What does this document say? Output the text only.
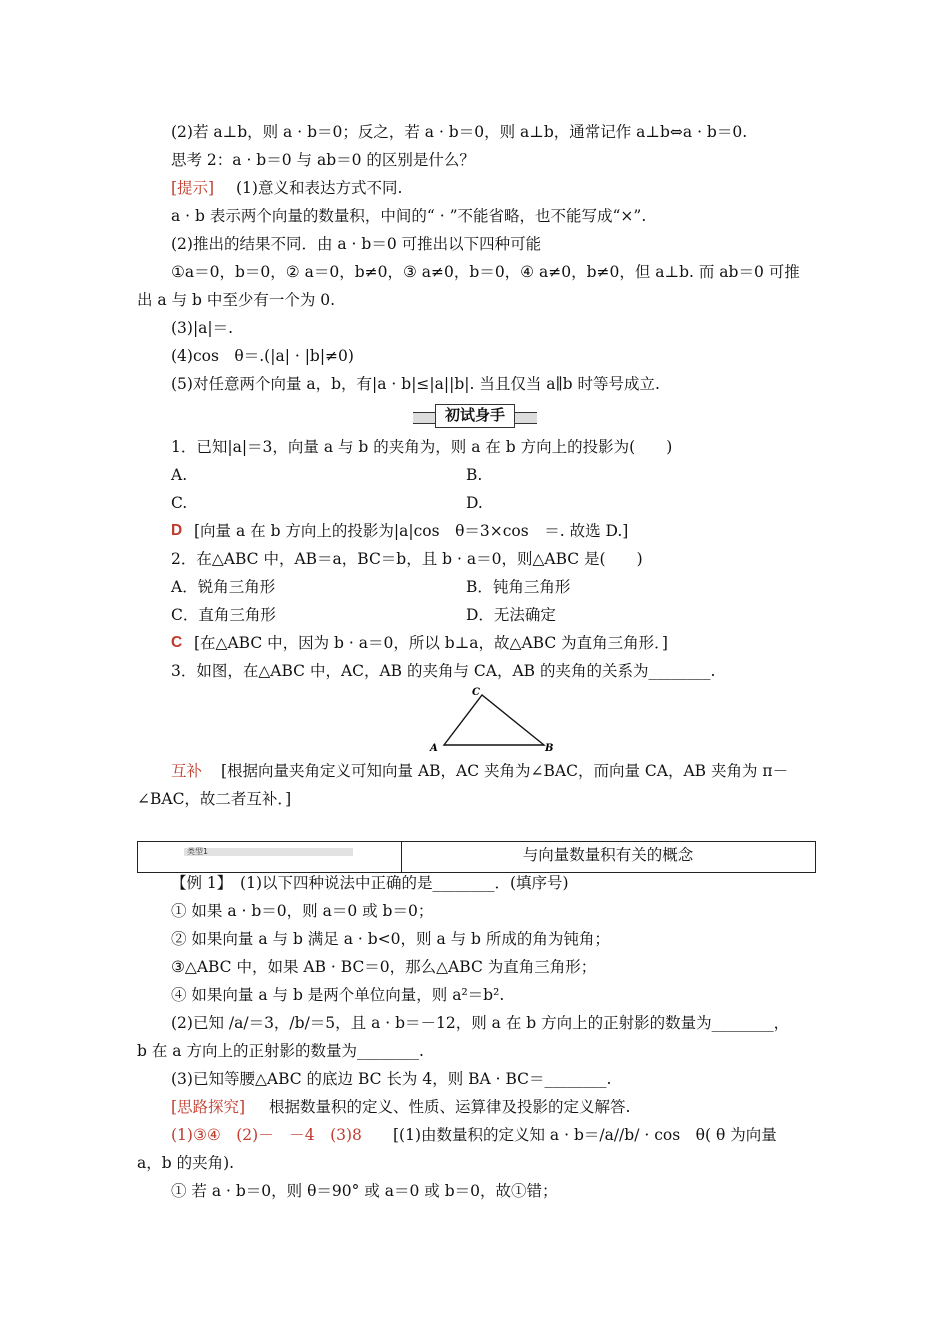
(2)若 a⊥b，则 a · b＝0；反之，若 a · b＝0，则 a⊥b，通常记作 a⊥b⇔a · b＝0.
思考 2：a · b＝0 与 ab＝0 的区别是什么？
[提示] (1)意义和表达方式不同.
a · b 表示两个向量的数量积，中间的“ · ”不能省略，也不能写成“×”.
(2)推出的结果不同．由 a · b＝0 可推出以下四种可能
①a＝0，b＝0，② a＝0，b≠0，③ a≠0，b＝0，④ a≠0，b≠0，但 a⊥b. 而 ab＝0 可推
出 a 与 b 中至少有一个为 0.
(3)|a|＝.
(4)cos　θ＝.(|a| · |b|≠0)
(5)对任意两个向量 a，b，有|a · b|≤|a||b|. 当且仅当 a∥b 时等号成立.
初试身手
1．已知|a|＝3，向量 a 与 b 的夹角为，则 a 在 b 方向上的投影为(　　)
A.	B.
C.	D.
D [向量 a 在 b 方向上的投影为|a|cos　θ＝3×cos　＝. 故选 D.]
2．在△ABC 中，AB＝a，BC＝b，且 b · a＝0，则△ABC 是(　　)
A．锐角三角形	B．钝角三角形
C．直角三角形	D．无法确定
C [在△ABC 中，因为 b · a＝0，所以 b⊥a，故△ABC 为直角三角形．]
3．如图，在△ABC 中，AC，AB 的夹角与 CA，AB 的夹角的关系为________.
A	B
C
互补 [根据向量夹角定义可知向量 AB，AC 夹角为∠BAC，而向量 CA，AB 夹角为 π－
∠BAC，故二者互补．]
类型1	与向量数量积有关的概念
【例 1】　(1)以下四种说法中正确的是________．(填序号)
① 如果 a · b＝0，则 a＝0 或 b＝0；
② 如果向量 a 与 b 满足 a · b<0，则 a 与 b 所成的角为钝角；
③△ABC 中，如果 AB · BC＝0，那么△ABC 为直角三角形；
④ 如果向量 a 与 b 是两个单位向量，则 a²＝b².
(2)已知 /a/＝3，/b/＝5，且 a · b＝－12，则 a 在 b 方向上的正射影的数量为________，
b 在 a 方向上的正射影的数量为________.
(3)已知等腰△ABC 的底边 BC 长为 4，则 BA · BC＝________.
[思路探究] 根据数量积的定义、性质、运算律及投影的定义解答.
(1)③④　(2)－　－4　(3)8 [(1)由数量积的定义知 a · b＝/a//b/ · cos　θ( θ 为向量
a，b 的夹角).
① 若 a · b＝0，则 θ＝90° 或 a＝0 或 b＝0，故①错；
